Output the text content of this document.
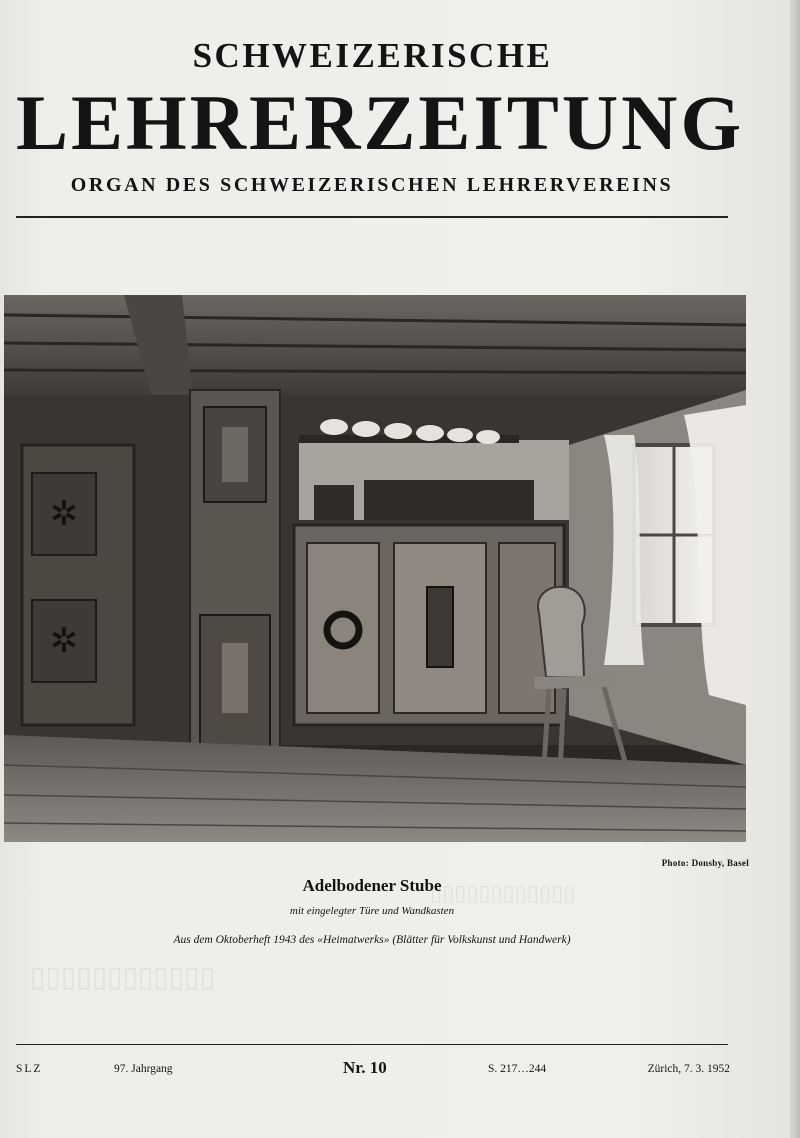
▯▯▯▯▯▯▯▯▯▯▯▯
▯▯▯▯▯▯▯▯▯▯▯▯
SCHWEIZERISCHE
LEHRERZEITUNG
ORGAN DES SCHWEIZERISCHEN LEHRERVEREINS
✲
✲
Photo: Donsby, Basel
Adelbodener Stube
mit eingelegter Türe und Wandkasten
Aus dem Oktoberheft 1943 des «Heimatwerks» (Blätter für Volkskunst und Handwerk)
SLZ	97. Jahrgang	Nr. 10	S. 217…244	Zürich, 7. 3. 1952
